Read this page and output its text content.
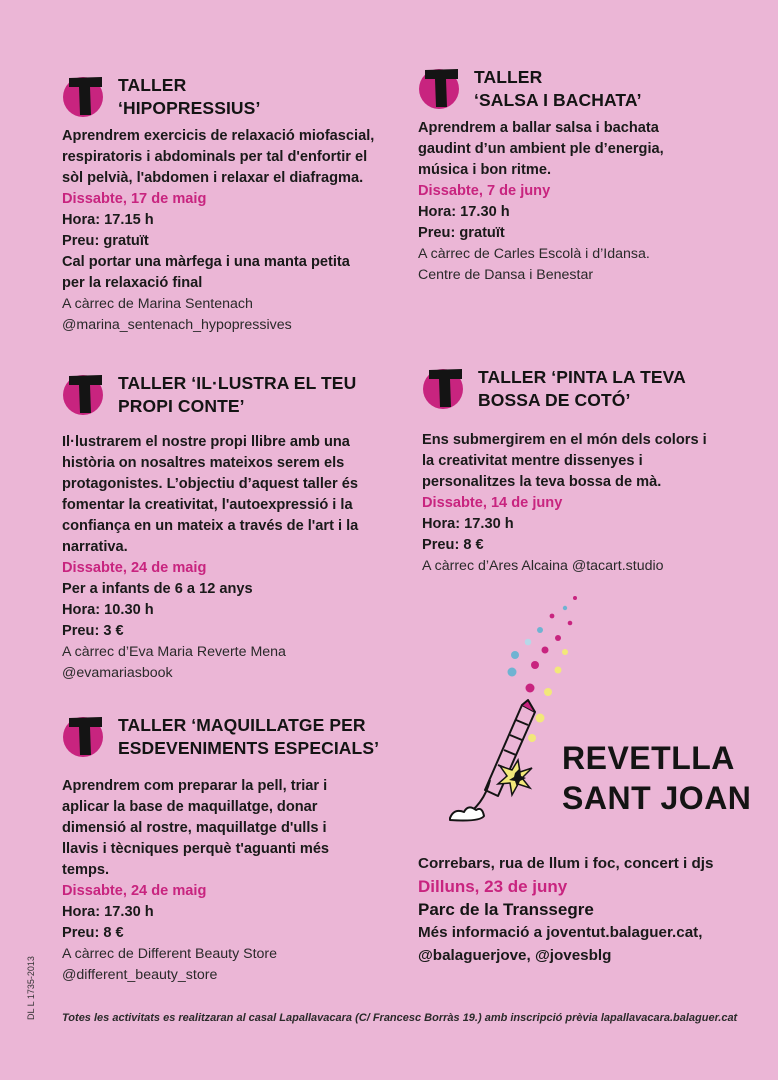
TALLER
‘HIPOPRESSIUS’
Aprendrem exercicis de relaxació miofascial,
respiratoris i abdominals per tal d'enfortir el
sòl pelvià, l'abdomen i relaxar el diafragma.
Dissabte, 17 de maig
Hora: 17.15 h
Preu: gratuït
Cal portar una màrfega i una manta petita
per la relaxació final
A càrrec de Marina Sentenach
@marina_sentenach_hypopressives
TALLER
‘SALSA I BACHATA’
Aprendrem a ballar salsa i bachata
gaudint d’un ambient ple d’energia,
música i bon ritme.
Dissabte, 7 de juny
Hora: 17.30 h
Preu: gratuït
A càrrec de Carles Escolà i d’Idansa.
Centre de Dansa i Benestar
TALLER ‘IL·LUSTRA EL TEU
PROPI CONTE’
Il·lustrarem el nostre propi llibre amb una
història on nosaltres mateixos serem els
protagonistes. L’objectiu d’aquest taller és
fomentar la creativitat, l'autoexpressió i la
confiança en un mateix a través de l'art i la
narrativa.
Dissabte, 24 de maig
Per a infants de 6 a 12 anys
Hora: 10.30 h
Preu: 3 €
A càrrec d’Eva Maria Reverte Mena
@evamariasbook
TALLER ‘PINTA LA TEVA
BOSSA DE COTÓ’
Ens submergirem en el món dels colors i
la creativitat mentre dissenyes i
personalitzes la teva bossa de mà.
Dissabte, 14 de juny
Hora: 17.30 h
Preu: 8 €
A càrrec d’Ares Alcaina @tacart.studio
TALLER ‘MAQUILLATGE PER
ESDEVENIMENTS ESPECIALS’
Aprendrem com preparar la pell, triar i
aplicar la base de maquillatge, donar
dimensió al rostre, maquillatge d'ulls i
llavis i tècniques perquè t'aguanti més
temps.
Dissabte, 24 de maig
Hora: 17.30 h
Preu: 8 €
A càrrec de Different Beauty Store
@different_beauty_store
REVETLLA
SANT JOAN
Correbars, rua de llum i foc, concert i djs
Dilluns, 23 de juny
Parc de la Transsegre
Més informació a joventut.balaguer.cat,
@balaguerjove, @jovesblg
Totes les activitats es realitzaran al casal Lapallavacara (C/ Francesc Borràs 19.) amb inscripció prèvia lapallavacara.balaguer.cat
DL L 1735-2013
